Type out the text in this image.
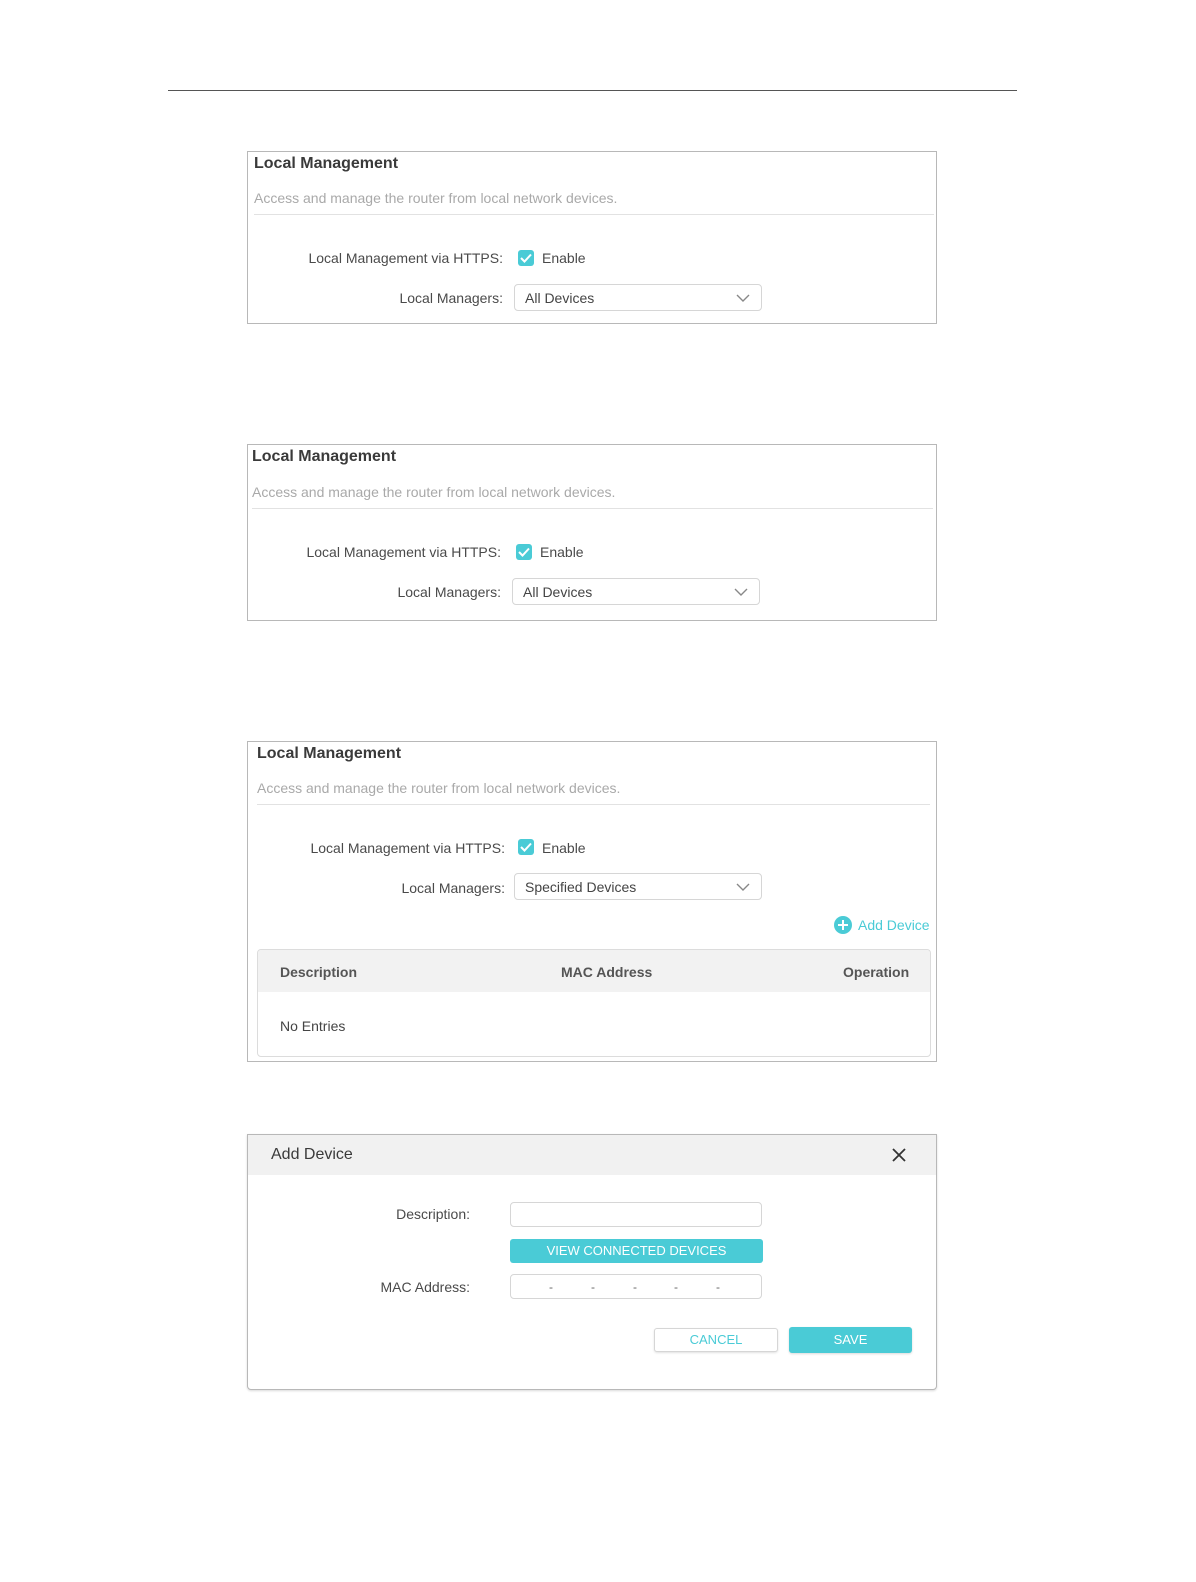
Local Management
Access and manage the router from local network devices.
Local Management via HTTPS:	Enable
Local Managers: All Devices
Local Management
Access and manage the router from local network devices.
Local Management via HTTPS:	Enable
Local Managers: All Devices
Local Management
Access and manage the router from local network devices.
Local Management via HTTPS:	Enable
Local Managers: Specified Devices
Add Device
Description	MAC Address	Operation
No Entries
Add Device
Description:
VIEW CONNECTED DEVICES
MAC Address:	-	-	-	-	-
CANCEL	SAVE
